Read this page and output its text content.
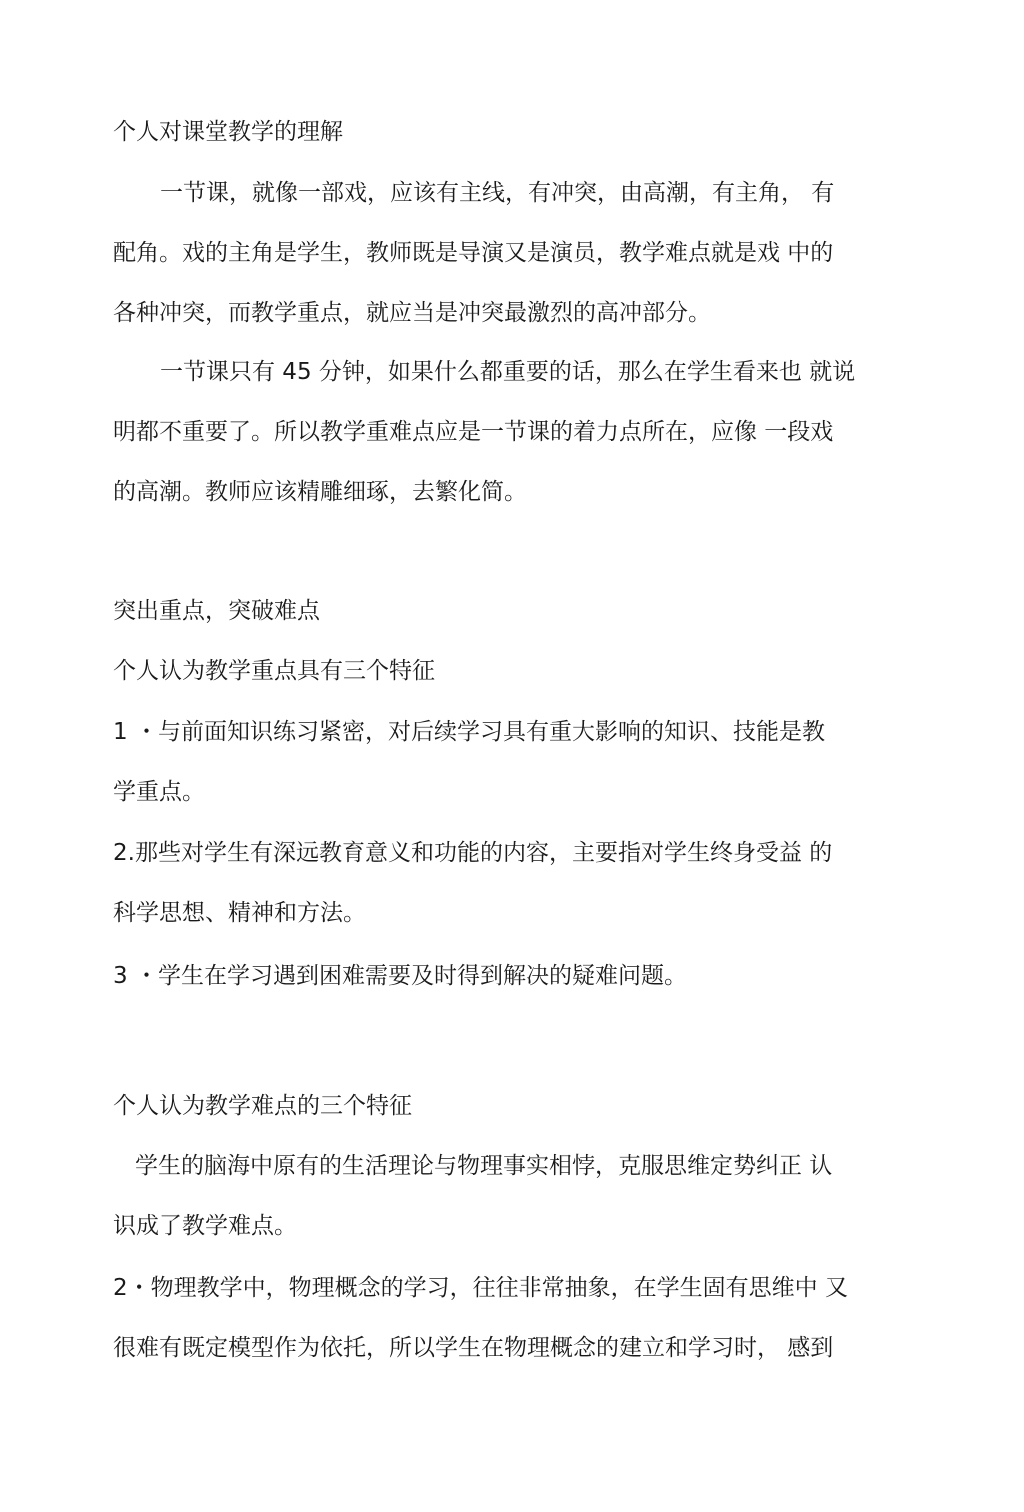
个人对课堂教学的理解
一节课，就像一部戏，应该有主线，有冲突，由高潮，有主角， 有
配角。戏的主角是学生，教师既是导演又是演员，教学难点就是戏 中的
各种冲突，而教学重点，就应当是冲突最激烈的高冲部分。
一节课只有 45 分钟，如果什么都重要的话，那么在学生看来也 就说
明都不重要了。所以教学重难点应是一节课的着力点所在，应像 一段戏
的高潮。教师应该精雕细琢，去繁化简。
突出重点，突破难点
个人认为教学重点具有三个特征
1 ・与前面知识练习紧密，对后续学习具有重大影响的知识、技能是教
学重点。
2.那些对学生有深远教育意义和功能的内容，主要指对学生终身受益 的
科学思想、精神和方法。
3 ・学生在学习遇到困难需要及时得到解决的疑难问题。
个人认为教学难点的三个特征
学生的脑海中原有的生活理论与物理事实相悖，克服思维定势纠正 认
识成了教学难点。
2・物理教学中，物理概念的学习，往往非常抽象，在学生固有思维中 又
很难有既定模型作为依托，所以学生在物理概念的建立和学习时， 感到
